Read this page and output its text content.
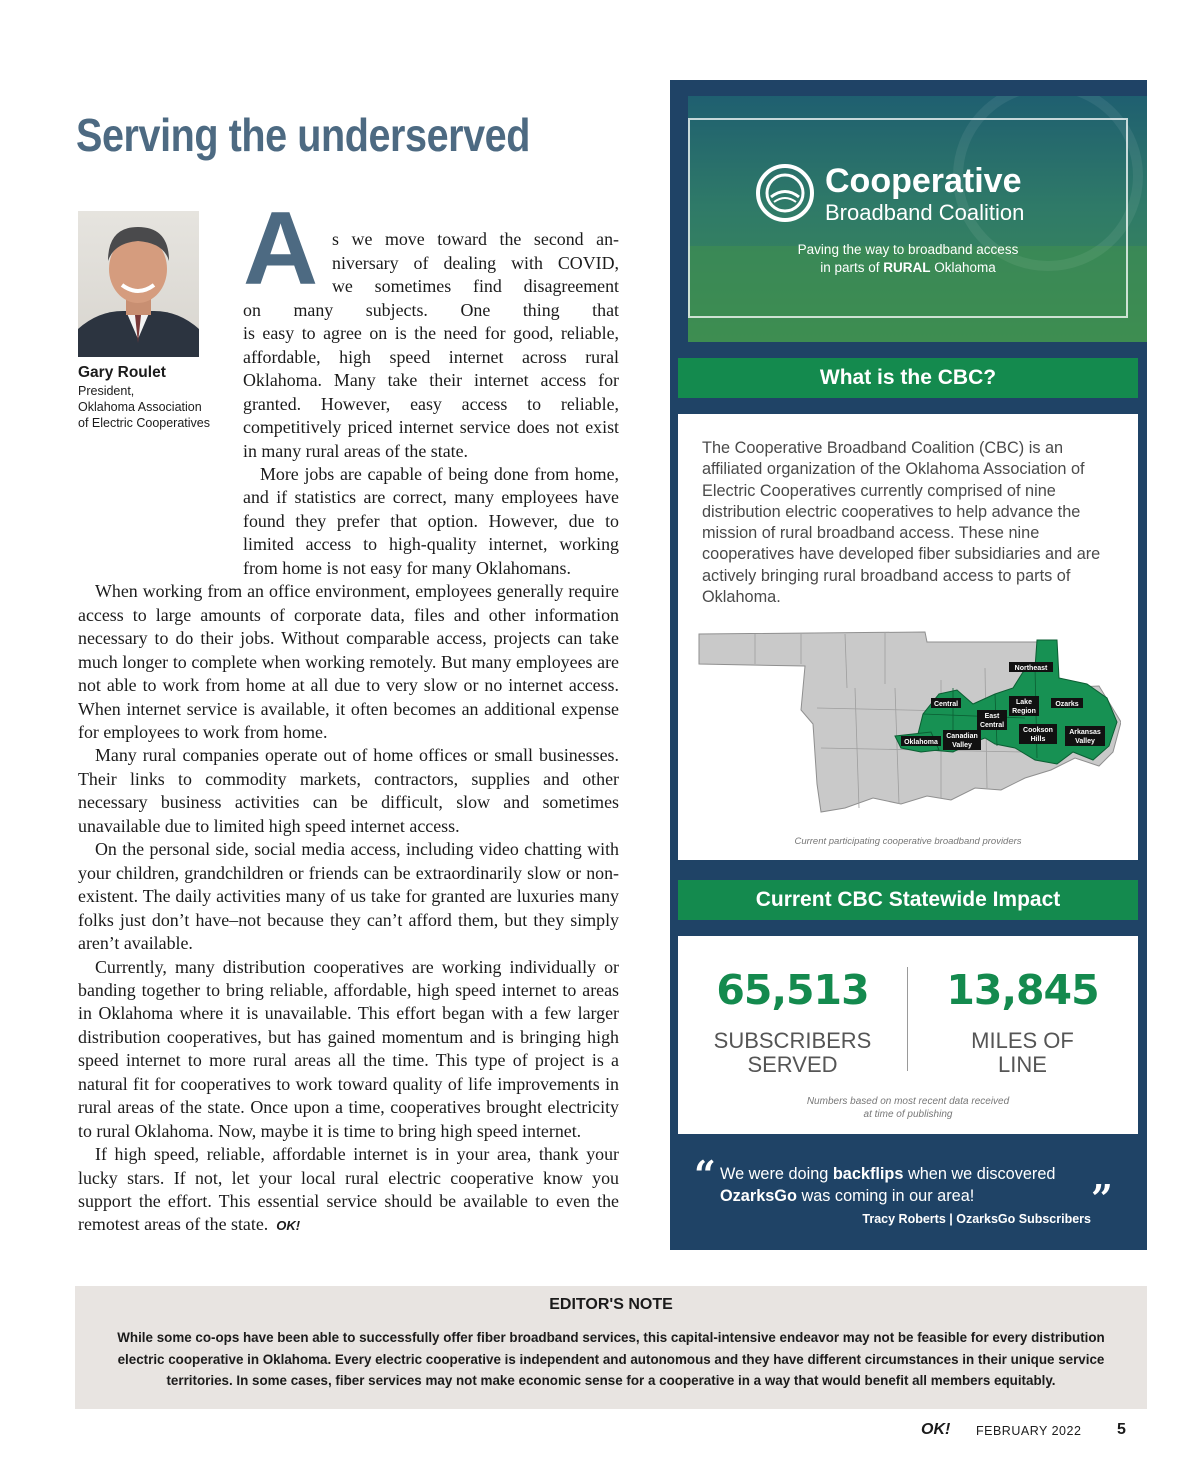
Serving the underserved
Gary Roulet
President,
Oklahoma Association
of Electric Cooperatives
A s we move toward the second an-
niversary of dealing with COVID,
we sometimes find disagreement
on many subjects. One thing that
is easy to agree on is the need for good, reliable, affordable, high speed internet across rural Oklahoma. Many take their internet access for granted. However, easy access to reliable, competitively priced internet service does not exist in many rural areas of the state.

More jobs are capable of being done from home, and if statistics are correct, many employees have found they prefer that option. However, due to limited access to high-quality internet, working from home is not easy for many Oklahomans.

When working from an office environment, employees generally require access to large amounts of corporate data, files and other information necessary to do their jobs. Without comparable access, projects can take much longer to complete when working remotely. But many employees are not able to work from home at all due to very slow or no internet access. When internet service is available, it often becomes an additional expense for employees to work from home.

Many rural companies operate out of home offices or small businesses. Their links to commodity markets, contractors, supplies and other necessary business activities can be difficult, slow and sometimes unavailable due to limited high speed internet access.

On the personal side, social media access, including video chatting with your children, grandchildren or friends can be extraordinarily slow or non-existent. The daily activities many of us take for granted are luxuries many folks just don’t have–not because they can’t afford them, but they simply aren’t available.

Currently, many distribution cooperatives are working individually or banding together to bring reliable, affordable, high speed internet to areas in Oklahoma where it is unavailable. This effort began with a few larger distribution cooperatives, but has gained momentum and is bringing high speed internet to more rural areas all the time. This type of project is a natural fit for cooperatives to work toward quality of life improvements in rural areas of the state. Once upon a time, cooperatives brought electricity to rural Oklahoma. Now, maybe it is time to bring high speed internet.

If high speed, reliable, affordable internet is in your area, thank your lucky stars. If not, let your local rural electric cooperative know you support the effort. This essential service should be available to even the remotest areas of the state. OK!

Cooperative
Broadband Coalition
Paving the way to broadband access
in parts of RURAL Oklahoma
What is the CBC?
The Cooperative Broadband Coalition (CBC) is an affiliated organization of the Oklahoma Association of Electric Cooperatives currently comprised of nine distribution electric cooperatives to help advance the mission of rural broadband access. These nine cooperatives have developed fiber subsidiaries and are actively bringing rural broadband access to parts of Oklahoma.
Northeast
Central	Lake
Region
Ozarks
East
Central
Cookson
Hills
Arkansas
Valley
Canadian
Valley
Oklahoma
Current participating cooperative broadband providers
Current CBC Statewide Impact
65,513
SUBSCRIBERS
SERVED
13,845
MILES OF
LINE
Numbers based on most recent data received
at time of publishing
“ We were doing backflips when we discovered OzarksGo was coming in our area!	”
Tracy Roberts | OzarksGo Subscribers
EDITOR'S NOTE
While some co-ops have been able to successfully offer fiber broadband services, this capital-intensive endeavor may not be feasible for every distribution electric cooperative in Oklahoma. Every electric cooperative is independent and autonomous and they have different circumstances in their unique service territories. In some cases, fiber services may not make economic sense for a cooperative in a way that would benefit all members equitably.
OK! FEBRUARY 2022 5
